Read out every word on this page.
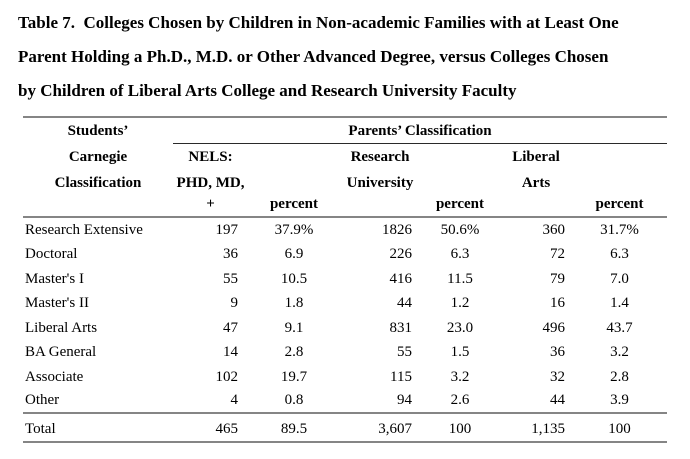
Table 7.  Colleges Chosen by Children in Non-academic Families with at Least One
Parent Holding a Ph.D., M.D. or Other Advanced Degree, versus Colleges Chosen
by Children of Liberal Arts College and Research University Faculty
Students’	Parents’ Classification					
Carnegie	NELS:		Research		Liberal	
Classification	PHD, MD,		University		Arts	
	+	percent		percent		percent
Research Extensive	197	37.9%	1826	50.6%	360	31.7%
Doctoral	36	6.9	226	6.3	72	6.3
Master's I	55	10.5	416	11.5	79	7.0
Master's II	9	1.8	44	1.2	16	1.4
Liberal Arts	47	9.1	831	23.0	496	43.7
BA General	14	2.8	55	1.5	36	3.2
Associate	102	19.7	115	3.2	32	2.8
Other	4	0.8	94	2.6	44	3.9
Total	465	89.5	3,607	100	1,135	100
